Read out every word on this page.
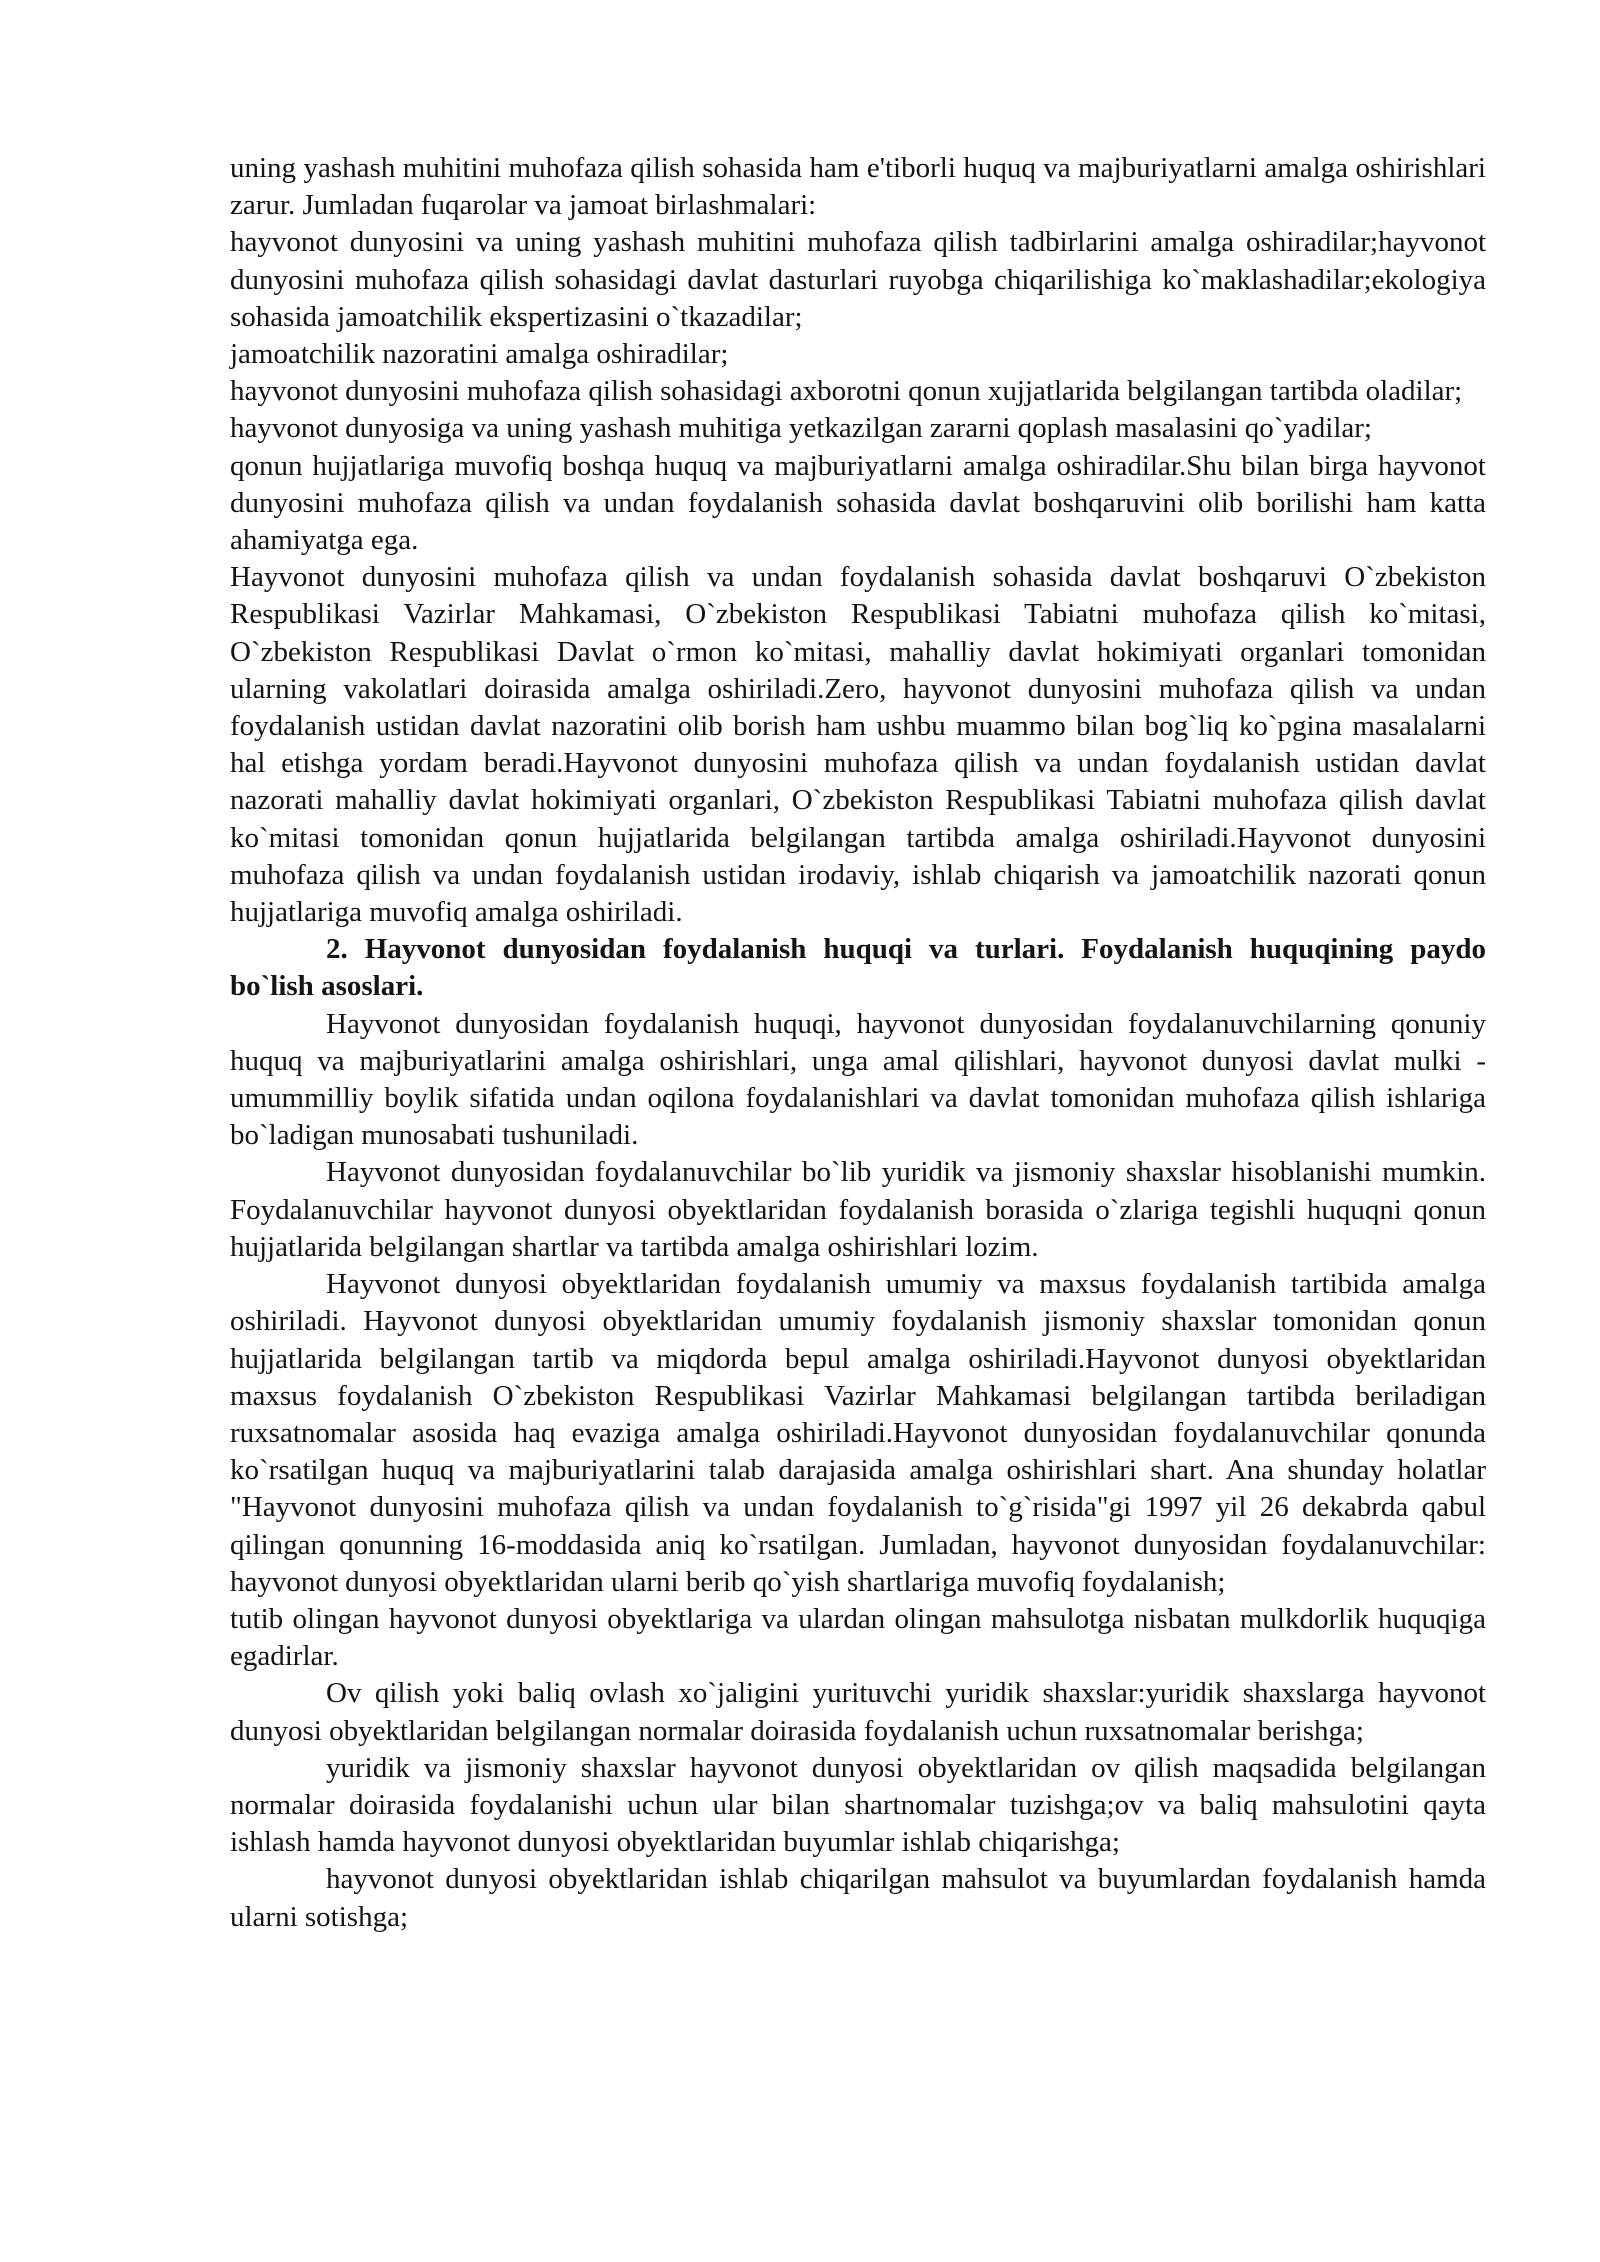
uning yashash muhitini muhofaza qilish sohasida ham e'tiborli huquq va majburiyatlarni amalga oshirishlari zarur. Jumladan fuqarolar va jamoat birlashmalari:

hayvonot dunyosini va uning yashash muhitini muhofaza qilish tadbirlarini amalga oshiradilar;hayvonot dunyosini muhofaza qilish sohasidagi davlat dasturlari ruyobga chiqarilishiga ko`maklashadilar;ekologiya sohasida jamoatchilik ekspertizasini o`tkazadilar;

jamoatchilik nazoratini amalga oshiradilar;

hayvonot dunyosini muhofaza qilish sohasidagi axborotni qonun xujjatlarida belgilangan tartibda oladilar;

hayvonot dunyosiga va uning yashash muhitiga yetkazilgan zararni qoplash masalasini qo`yadilar;

qonun hujjatlariga muvofiq boshqa huquq va majburiyatlarni amalga oshiradilar.Shu bilan birga hayvonot dunyosini muhofaza qilish va undan foydalanish sohasida davlat boshqaruvini olib borilishi ham katta ahamiyatga ega.

Hayvonot dunyosini muhofaza qilish va undan foydalanish sohasida davlat boshqaruvi O`zbekiston Respublikasi Vazirlar Mahkamasi, O`zbekiston Respublikasi Tabiatni muhofaza qilish ko`mitasi, O`zbekiston Respublikasi Davlat o`rmon ko`mitasi, mahalliy davlat hokimiyati organlari tomonidan ularning vakolatlari doirasida amalga oshiriladi.Zero, hayvonot dunyosini muhofaza qilish va undan foydalanish ustidan davlat nazoratini olib borish ham ushbu muammo bilan bog`liq ko`pgina masalalarni hal etishga yordam beradi.Hayvonot dunyosini muhofaza qilish va undan foydalanish ustidan davlat nazorati mahalliy davlat hokimiyati organlari, O`zbekiston Respublikasi Tabiatni muhofaza qilish davlat ko`mitasi tomonidan qonun hujjatlarida belgilangan tartibda amalga oshiriladi.Hayvonot dunyosini muhofaza qilish va undan foydalanish ustidan irodaviy, ishlab chiqarish va jamoatchilik nazorati qonun hujjatlariga muvofiq amalga oshiriladi.

2. Hayvonot dunyosidan foydalanish huquqi va turlari. Foydalanish huquqining paydo bo`lish asoslari.

Hayvonot dunyosidan foydalanish huquqi, hayvonot dunyosidan foydalanuvchilarning qonuniy huquq va majburiyatlarini amalga oshirishlari, unga amal qilishlari, hayvonot dunyosi davlat mulki -umummilliy boylik sifatida undan oqilona foydalanishlari va davlat tomonidan muhofaza qilish ishlariga bo`ladigan munosabati tushuniladi.

Hayvonot dunyosidan foydalanuvchilar bo`lib yuridik va jismoniy shaxslar hisoblanishi mumkin. Foydalanuvchilar hayvonot dunyosi obyektlaridan foydalanish borasida o`zlariga tegishli huquqni qonun hujjatlarida belgilangan shartlar va tartibda amalga oshirishlari lozim.

Hayvonot dunyosi obyektlaridan foydalanish umumiy va maxsus foydalanish tartibida amalga oshiriladi. Hayvonot dunyosi obyektlaridan umumiy foydalanish jismoniy shaxslar tomonidan qonun hujjatlarida belgilangan tartib va miqdorda bepul amalga oshiriladi.Hayvonot dunyosi obyektlaridan maxsus foydalanish O`zbekiston Respublikasi Vazirlar Mahkamasi belgilangan tartibda beriladigan ruxsatnomalar asosida haq evaziga amalga oshiriladi.Hayvonot dunyosidan foydalanuvchilar qonunda ko`rsatilgan huquq va majburiyatlarini talab darajasida amalga oshirishlari shart. Ana shunday holatlar "Hayvonot dunyosini muhofaza qilish va undan foydalanish to`g`risida"gi 1997 yil 26 dekabrda qabul qilingan qonunning 16-moddasida aniq ko`rsatilgan. Jumladan, hayvonot dunyosidan foydalanuvchilar: hayvonot dunyosi obyektlaridan ularni berib qo`yish shartlariga muvofiq foydalanish;

tutib olingan hayvonot dunyosi obyektlariga va ulardan olingan mahsulotga nisbatan mulkdorlik huquqiga egadirlar.

Ov qilish yoki baliq ovlash xo`jaligini yurituvchi yuridik shaxslar:yuridik shaxslarga hayvonot dunyosi obyektlaridan belgilangan normalar doirasida foydalanish uchun ruxsatnomalar berishga;

yuridik va jismoniy shaxslar hayvonot dunyosi obyektlaridan ov qilish maqsadida belgilangan normalar doirasida foydalanishi uchun ular bilan shartnomalar tuzishga;ov va baliq mahsulotini qayta ishlash hamda hayvonot dunyosi obyektlaridan buyumlar ishlab chiqarishga;

hayvonot dunyosi obyektlaridan ishlab chiqarilgan mahsulot va buyumlardan foydalanish hamda ularni sotishga;
